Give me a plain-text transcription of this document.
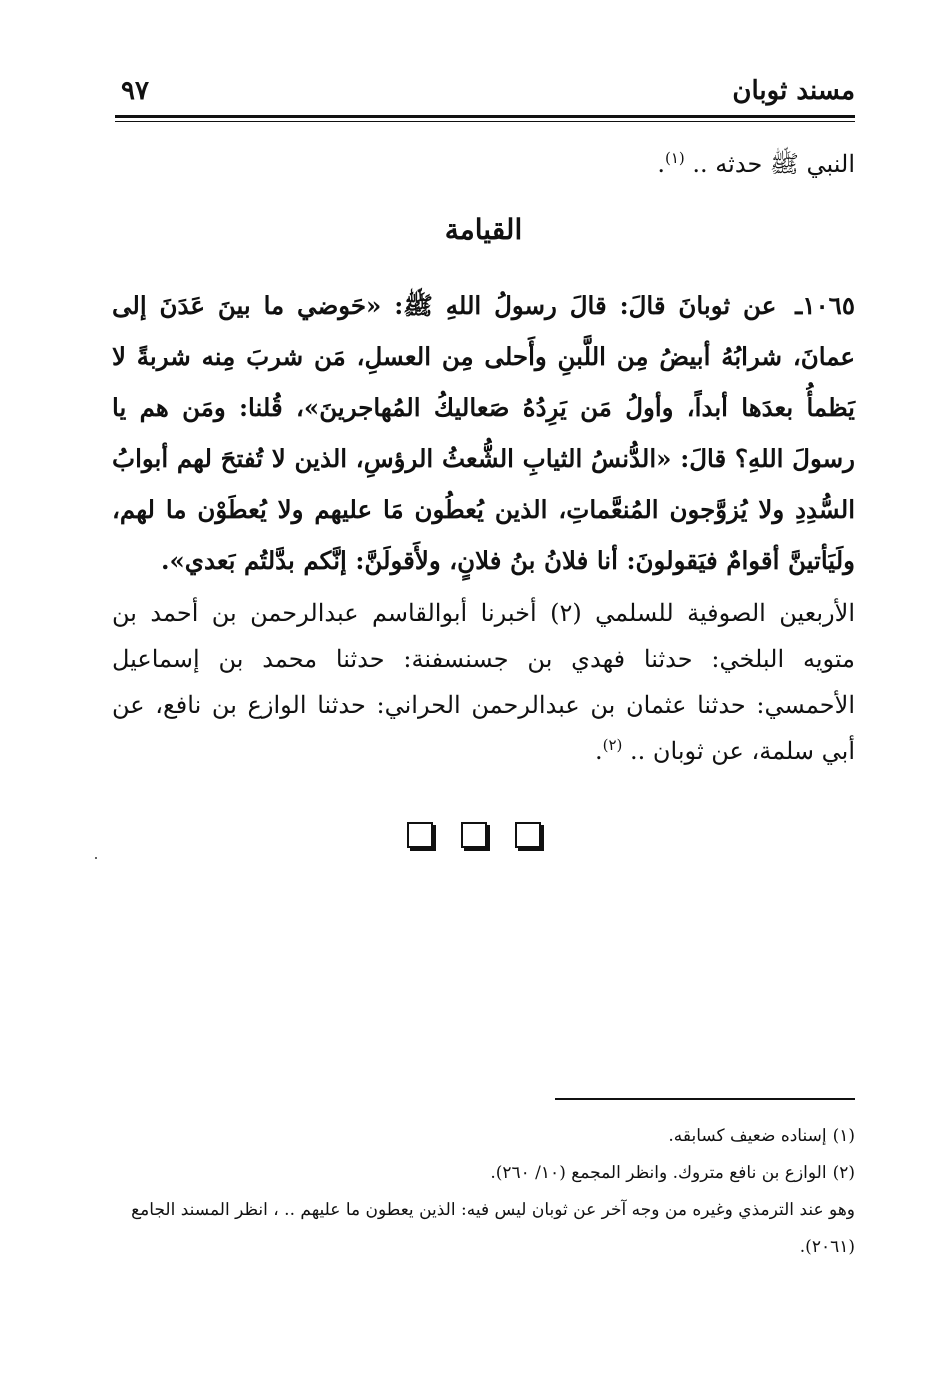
مسند ثوبان
٩٧

النبي ﷺ حدثه .. $^{(١)}$.

القيامة

١٠٦٥ـ عن ثوبانَ قالَ: قالَ رسولُ اللهِ ﷺ: «حَوضي ما بينَ عَدَنَ إلى عمانَ، شرابُهُ أبيضُ مِن اللَّبنِ وأَحلى مِن العسلِ، مَن شربَ مِنه شربةً لا يَظمأُ بعدَها أبداً، وأولُ مَن يَرِدُهُ صَعاليكُ المُهاجرينَ»، قُلنا: ومَن هم يا رسولَ اللهِ؟ قالَ: «الدُّنسُ الثيابِ الشُّعثُ الرؤسِ، الذين لا تُفتحَ لهم أبوابُ السُّدِدِ ولا يُزوَّجون المُنعَّماتِ، الذين يُعطُون مَا عليهم ولا يُعطَوْن ما لهم، ولَيَأتينَّ أقوامٌ فيَقولونَ: أنا فلانُ بنُ فلانٍ، ولأَقولَنَّ: إنَّكم بدَّلتُم بَعدي».

الأربعين الصوفية للسلمي (٢) أخبرنا أبوالقاسم عبدالرحمن بن أحمد بن متويه البلخي: حدثنا فهدي بن جسنسفنة: حدثنا محمد بن إسماعيل الأحمسي: حدثنا عثمان بن عبدالرحمن الحراني: حدثنا الوازع بن نافع، عن أبي سلمة، عن ثوبان .. $^{(٢)}$.

(١)إسناده ضعيف كسابقه.

(٢)الوازع بن نافع متروك. وانظر المجمع (١٠/ ٢٦٠).

وهو عند الترمذي وغيره من وجه آخر عن ثوبان ليس فيه: الذين يعطون ما عليهم .. ، انظر المسند الجامع (٢٠٦١).
